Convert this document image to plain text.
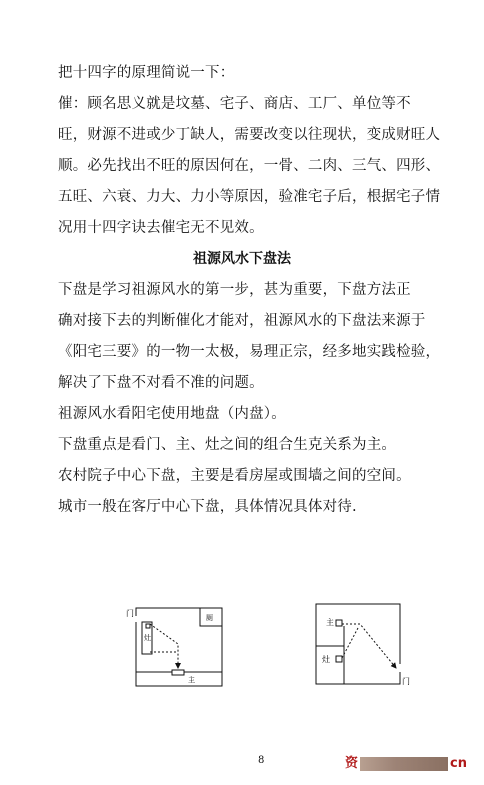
把十四字的原理简说一下：
催：顾名思义就是坟墓、宅子、商店、工厂、单位等不
旺，财源不进或少丁缺人，需要改变以往现状，变成财旺人
顺。必先找出不旺的原因何在，一骨、二肉、三气、四形、
五旺、六衰、力大、力小等原因，验准宅子后，根据宅子情
况用十四字诀去催宅无不见效。
祖源风水下盘法
下盘是学习祖源风水的第一步，甚为重要，下盘方法正
确对接下去的判断催化才能对，祖源风水的下盘法来源于
《阳宅三要》的一物一太极，易理正宗，经多地实践检验，
解决了下盘不对看不准的问题。
祖源风水看阳宅使用地盘（内盘）。
下盘重点是看门、主、灶之间的组合生克关系为主。
农村院子中心下盘，主要是看房屋或围墙之间的空间。
城市一般在客厅中心下盘，具体情况具体对待.
门
灶
厕
主
主
灶
门
8	资	cn
